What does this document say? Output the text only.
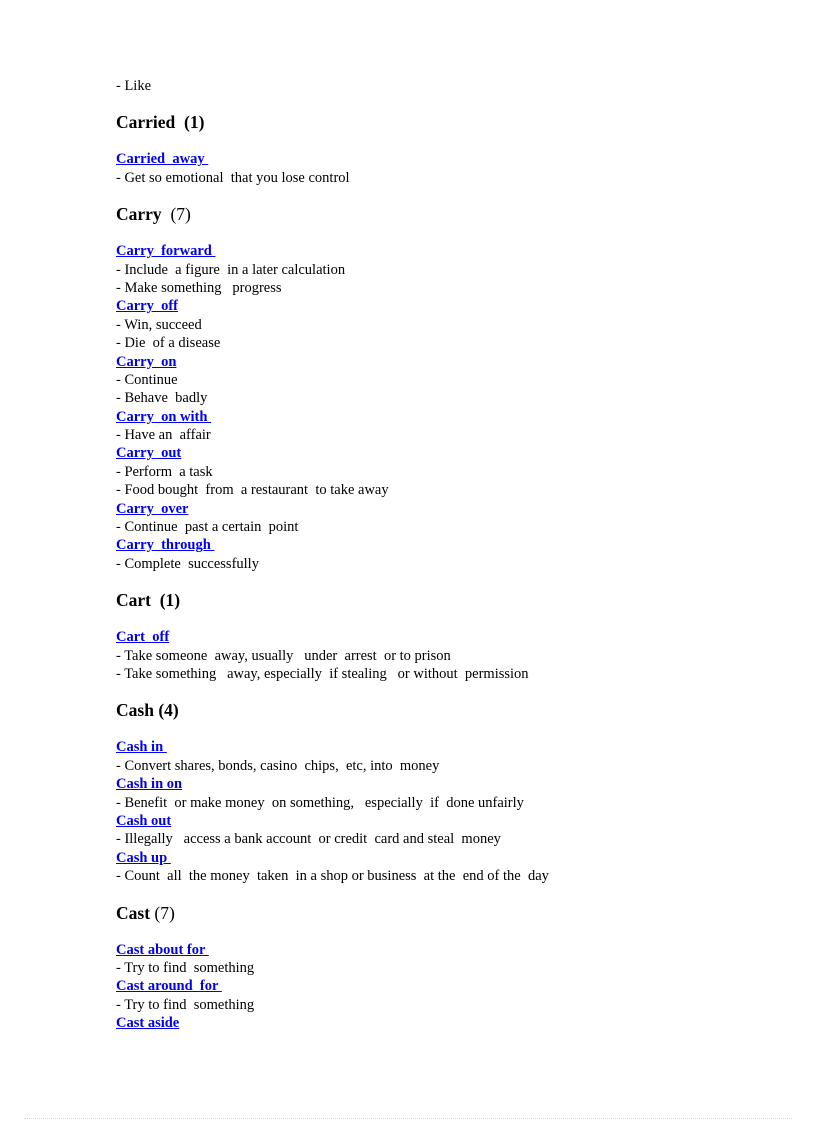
- Like
Carried (1)
Carried  away
- Get so emotional  that you lose control
Carry (7)
Carry  forward
- Include  a figure  in a later calculation
- Make something   progress
Carry  off
- Win, succeed
- Die  of a disease
Carry  on
- Continue
- Behave  badly
Carry  on with
- Have an  affair
Carry  out
- Perform  a task
- Food bought  from  a restaurant  to take away
Carry  over
- Continue  past a certain  point
Carry  through
- Complete  successfully
Cart (1)
Cart  off
- Take someone  away, usually   under  arrest  or to prison
- Take something   away, especially  if stealing   or without  permission
Cash (4)
Cash in
- Convert shares, bonds, casino  chips,  etc, into  money
Cash in on
- Benefit  or make money  on something,   especially  if  done unfairly
Cash out
- Illegally   access a bank account  or credit  card and steal  money
Cash up
- Count  all  the money  taken  in a shop or business  at the  end of the  day
Cast (7)
Cast about for
- Try to find  something
Cast around  for
- Try to find  something
Cast aside
